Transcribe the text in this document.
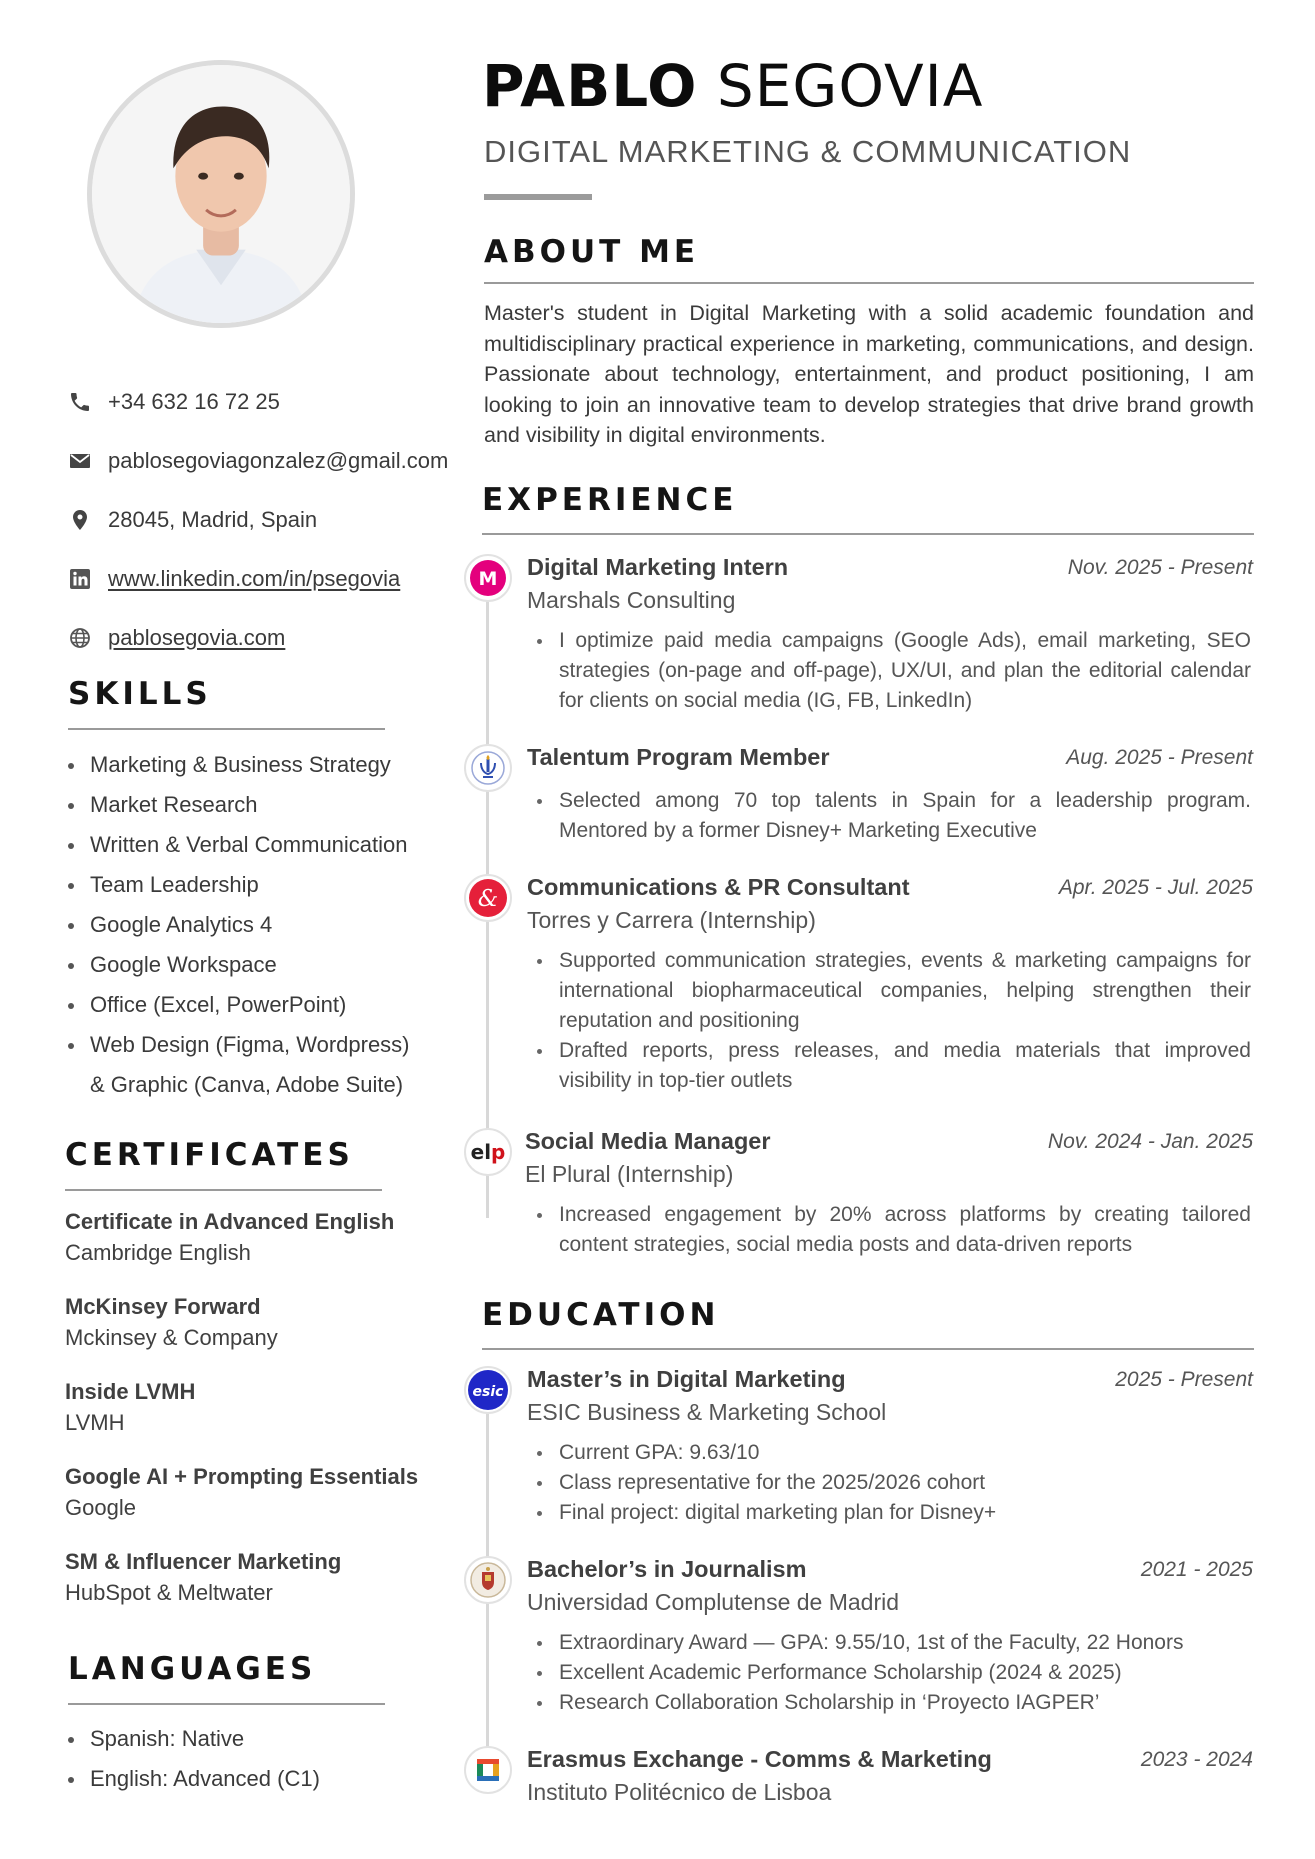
+34 632 16 72 25
pablosegoviagonzalez@gmail.com
28045, Madrid, Spain
www.linkedin.com/in/psegovia
pablosegovia.com
SKILLS
Marketing & Business Strategy
Market Research
Written & Verbal Communication
Team Leadership
Google Analytics 4
Google Workspace
Office (Excel, PowerPoint)
Web Design (Figma, Wordpress)
& Graphic (Canva, Adobe Suite)
CERTIFICATES
Certificate in Advanced English
Cambridge English
McKinsey Forward
Mckinsey & Company
Inside LVMH
LVMH
Google AI + Prompting Essentials
Google
SM & Influencer Marketing
HubSpot & Meltwater
LANGUAGES
Spanish: Native
English: Advanced (C1)
PABLO SEGOVIA
DIGITAL MARKETING & COMMUNICATION
ABOUT ME

Master's student in Digital Marketing with a solid academic foundation and multidisciplinary practical experience in marketing, communications, and design. Passionate about technology, entertainment, and product positioning, I am looking to join an innovative team to develop strategies that drive brand growth and visibility in digital environments.

EXPERIENCE
M Digital Marketing Intern	Nov. 2025 - Present
Marshals Consulting
I optimize paid media campaigns (Google Ads), email marketing, SEO strategies (on-page and off-page), UX/UI, and plan the editorial calendar for clients on social media (IG, FB, LinkedIn)
Talentum Program Member	Aug. 2025 - Present
Selected among 70 top talents in Spain for a leadership program. Mentored by a former Disney+ Marketing Executive
& Communications & PR Consultant	Apr. 2025 - Jul. 2025
Torres y Carrera (Internship)
Supported communication strategies, events & marketing campaigns for international biopharmaceutical companies, helping strengthen their reputation and positioning
Drafted reports, press releases, and media materials that improved visibility in top-tier outlets
elp Social Media Manager	Nov. 2024 - Jan. 2025
El Plural (Internship)
Increased engagement by 20% across platforms by creating tailored content strategies, social media posts and data-driven reports
EDUCATION
esic Master’s in Digital Marketing	2025 - Present
ESIC Business & Marketing School
Current GPA: 9.63/10
Class representative for the 2025/2026 cohort
Final project: digital marketing plan for Disney+
Bachelor’s in Journalism	2021 - 2025
Universidad Complutense de Madrid
Extraordinary Award — GPA: 9.55/10, 1st of the Faculty, 22 Honors
Excellent Academic Performance Scholarship (2024 & 2025)
Research Collaboration Scholarship in ‘Proyecto IAGPER’
Erasmus Exchange - Comms & Marketing	2023 - 2024
Instituto Politécnico de Lisboa
